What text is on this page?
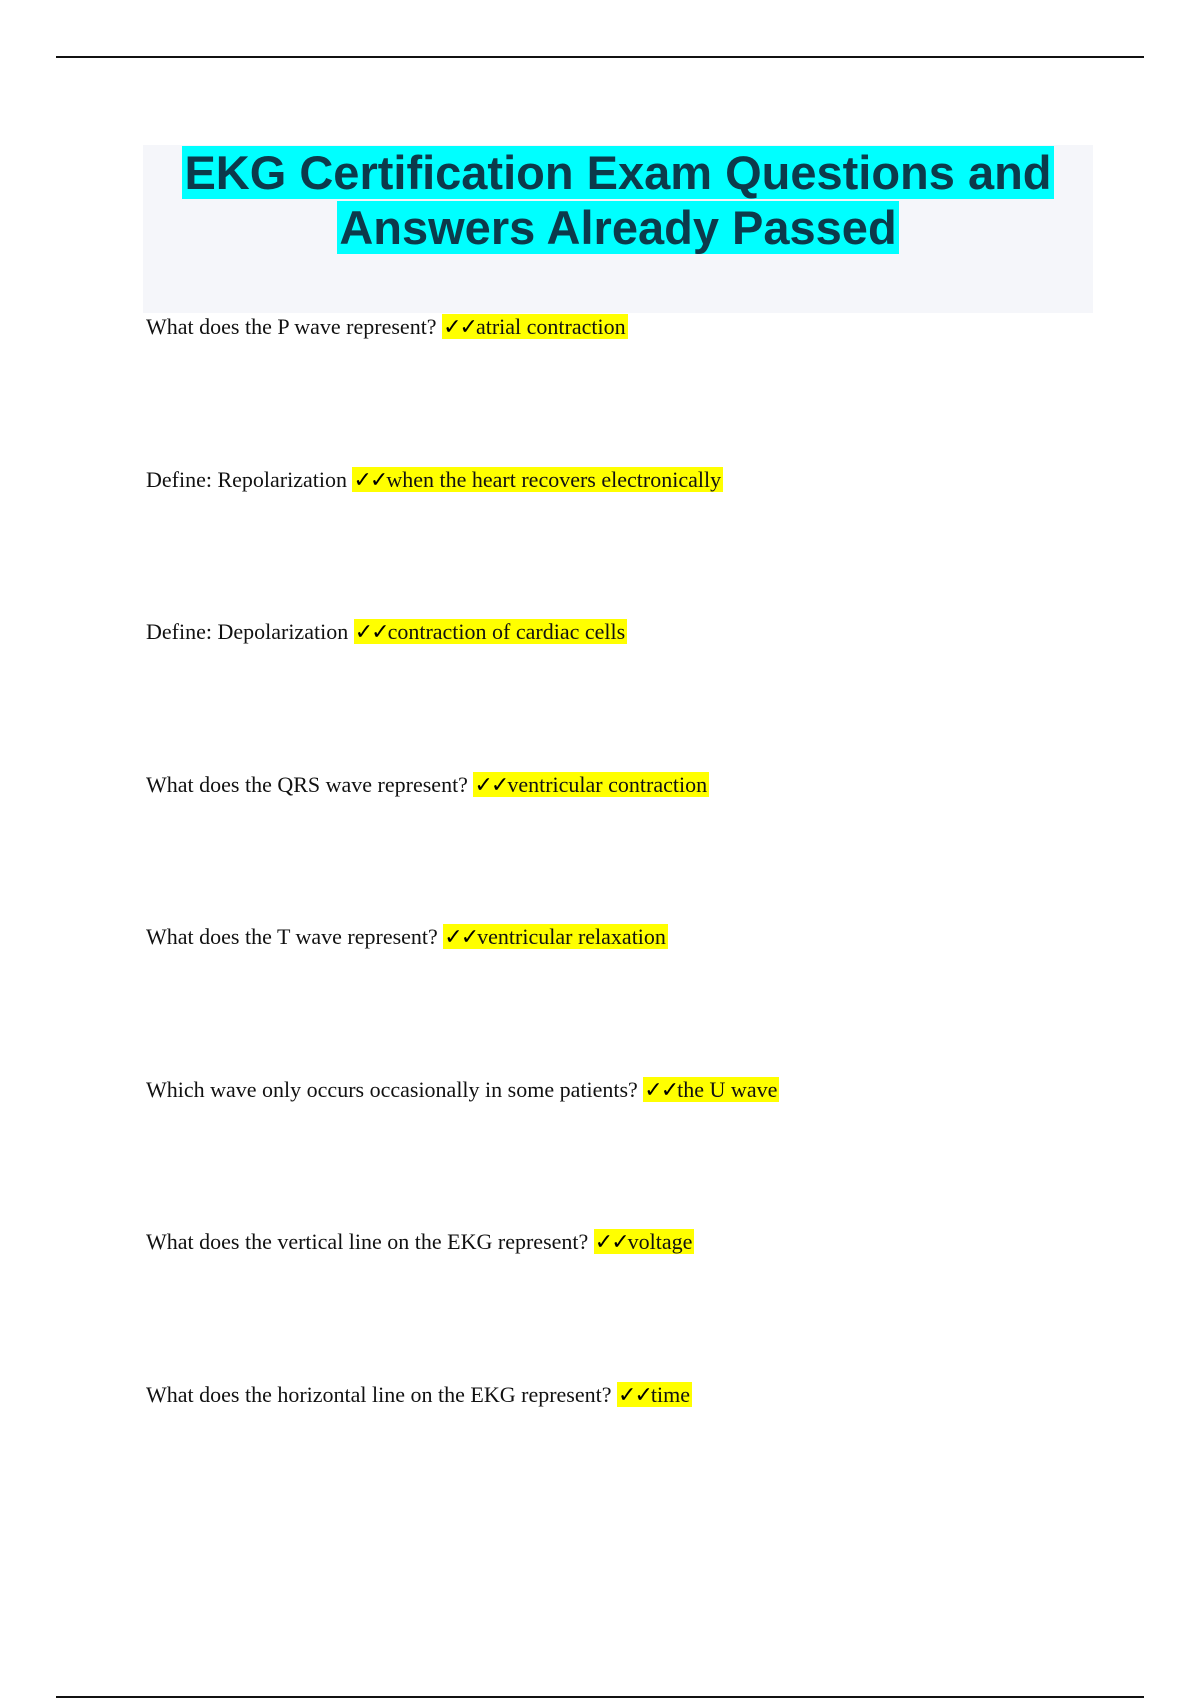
EKG Certification Exam Questions and
Answers Already Passed
What does the P wave represent? ✓✓atrial contraction
Define: Repolarization ✓✓when the heart recovers electronically
Define: Depolarization ✓✓contraction of cardiac cells
What does the QRS wave represent? ✓✓ventricular contraction
What does the T wave represent? ✓✓ventricular relaxation
Which wave only occurs occasionally in some patients? ✓✓the U wave
What does the vertical line on the EKG represent? ✓✓voltage
What does the horizontal line on the EKG represent? ✓✓time
